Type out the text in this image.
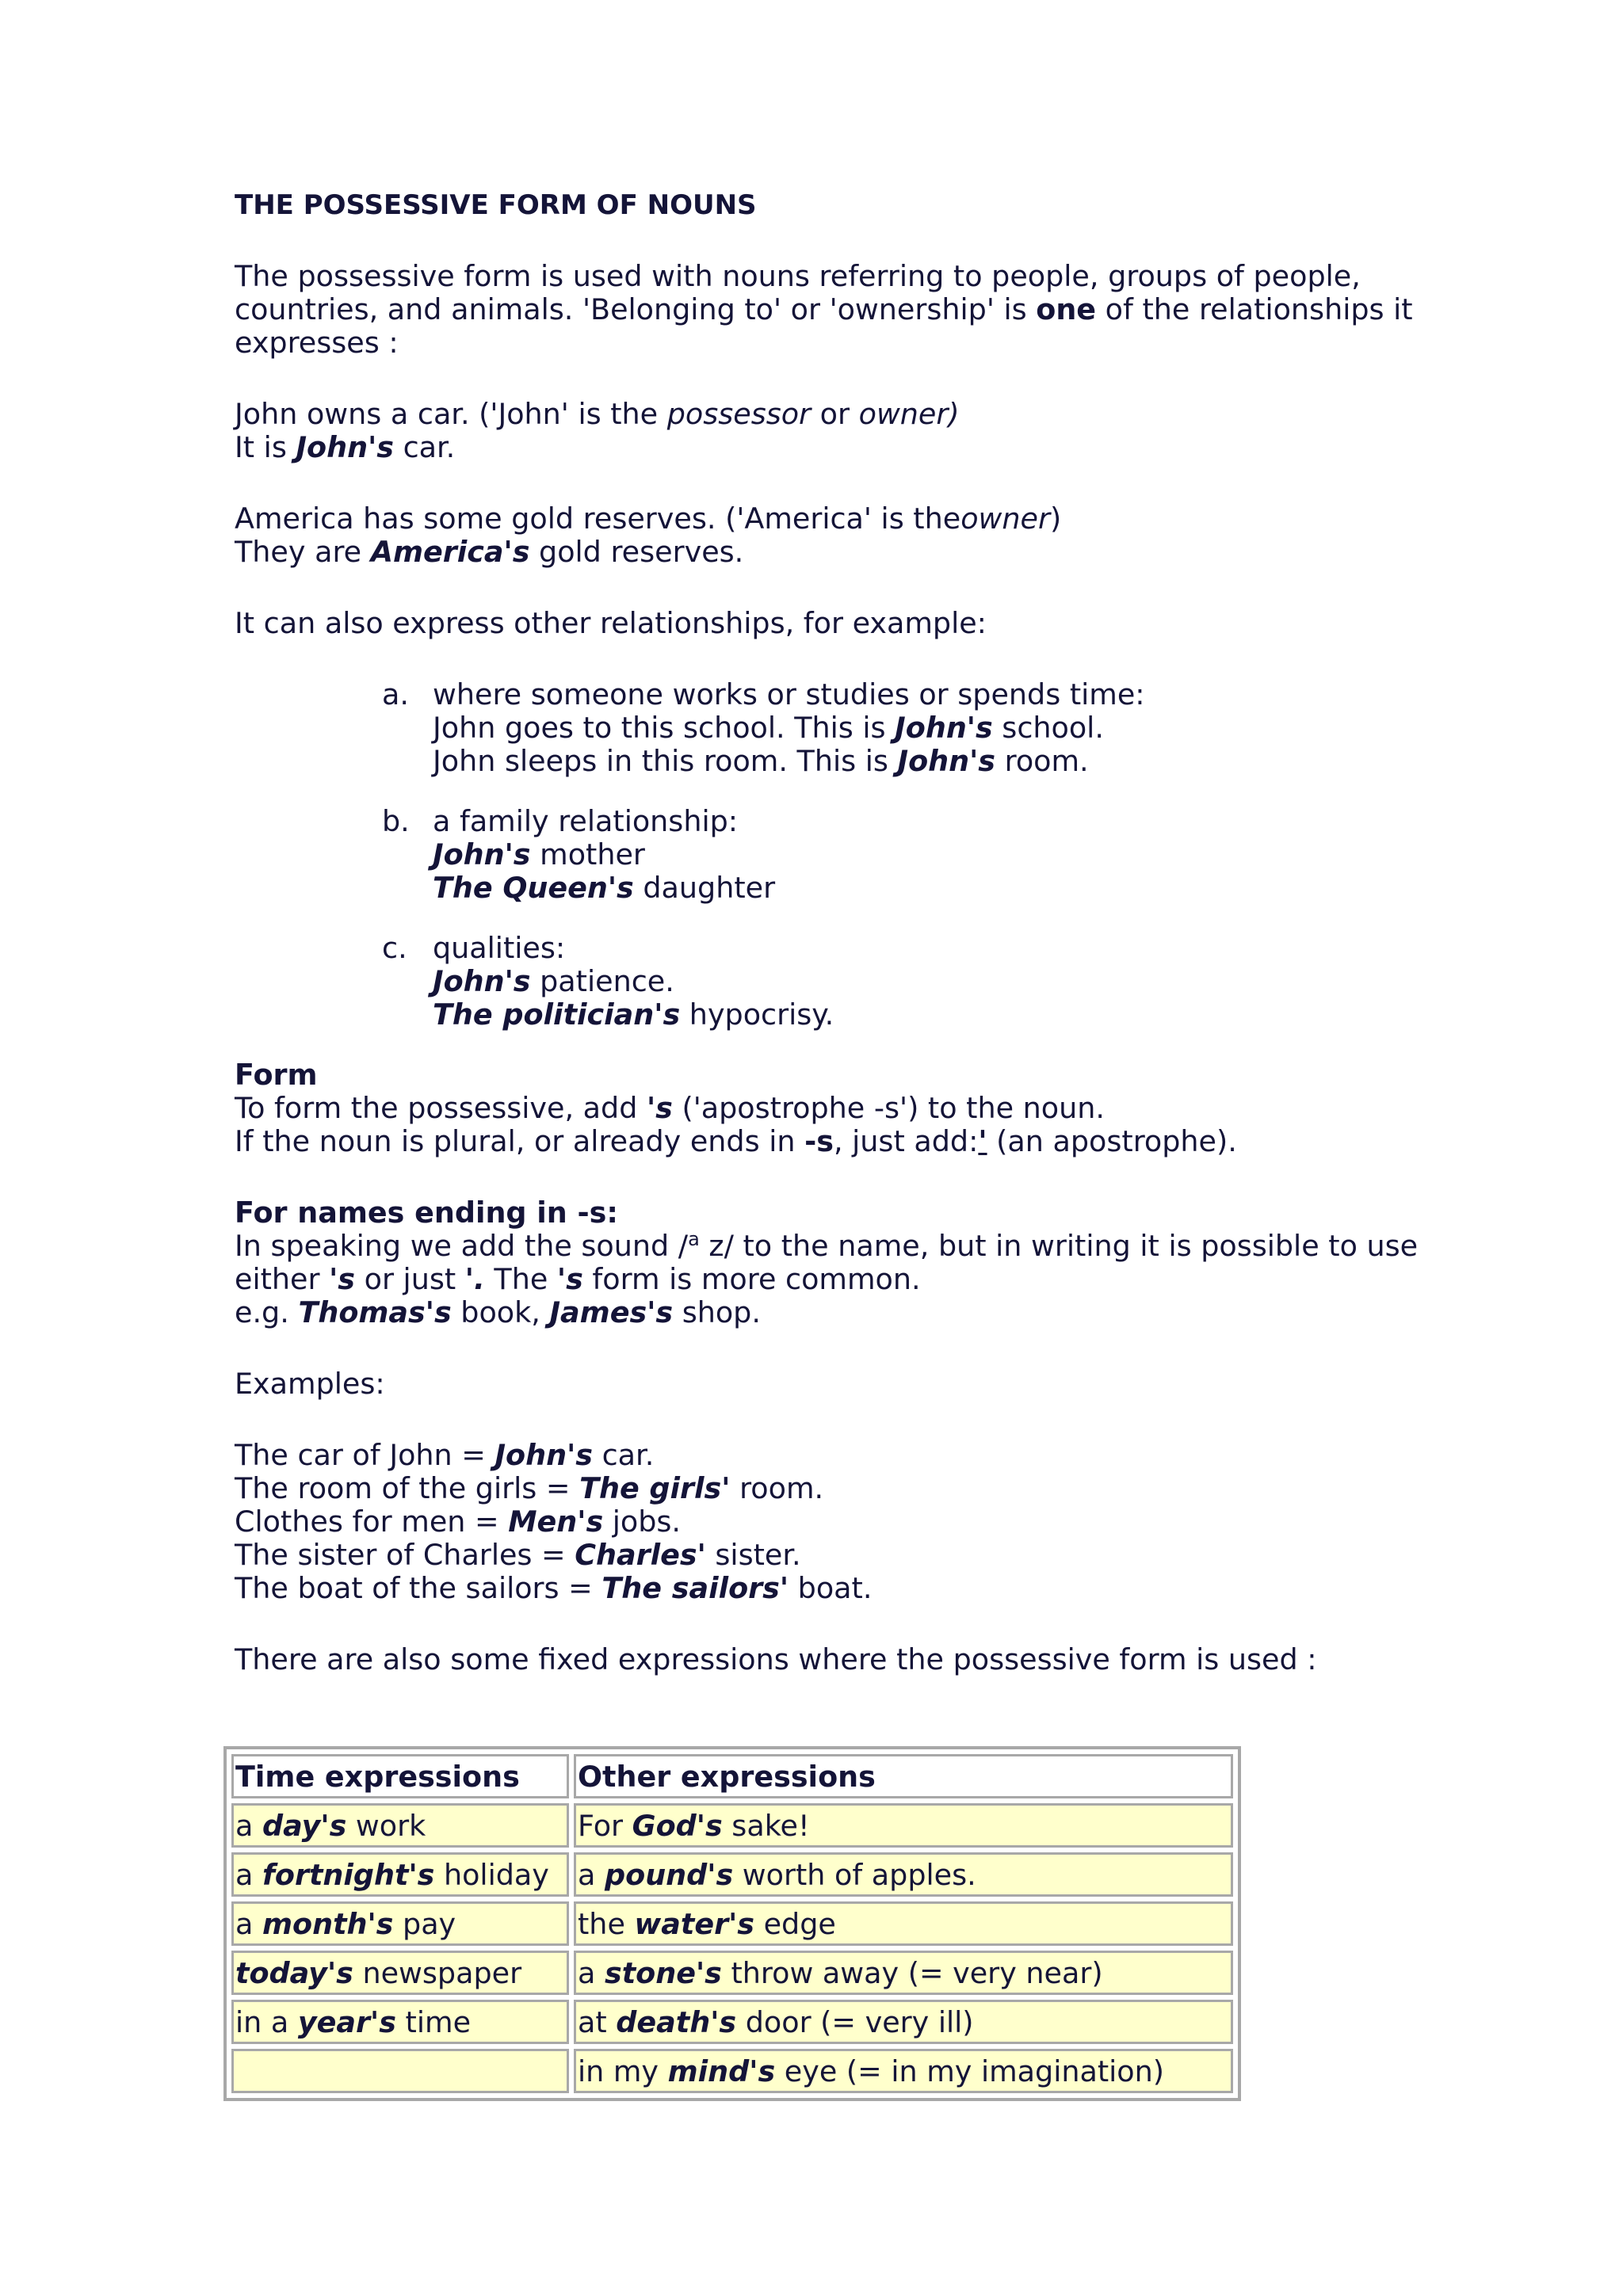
THE POSSESSIVE FORM OF NOUNS

The possessive form is used with nouns referring to people, groups of people, countries, and animals. 'Belonging to' or 'ownership' is one of the relationships it expresses :

John owns a car. ('John' is the possessor or owner)
It is John's car.

America has some gold reserves. ('America' is theowner)
They are America's gold reserves.

It can also express other relationships, for example:

a. where someone works or studies or spends time:
John goes to this school. This is John's school.
John sleeps in this room. This is John's room.
b. a family relationship:
John's mother
The Queen's daughter
c. qualities:
John's patience.
The politician's hypocrisy.

Form
To form the possessive, add 's ('apostrophe -s') to the noun.
If the noun is plural, or already ends in -s, just add:' (an apostrophe).

For names ending in -s:
In speaking we add the sound /$^a$ z/ to the name, but in writing it is possible to use either 's or just '. The 's form is more common.
e.g. Thomas's book, James's shop.

Examples:

The car of John = John's car.
The room of the girls = The girls' room.
Clothes for men = Men's jobs.
The sister of Charles = Charles' sister.
The boat of the sailors = The sailors' boat.

There are also some fixed expressions where the possessive form is used :

Time expressions	Other expressions
a day's work	For God's sake!
a fortnight's holiday	a pound's worth of apples.
a month's pay	the water's edge
today's newspaper	a stone's throw away (= very near)
in a year's time	at death's door (= very ill)
	in my mind's eye (= in my imagination)
